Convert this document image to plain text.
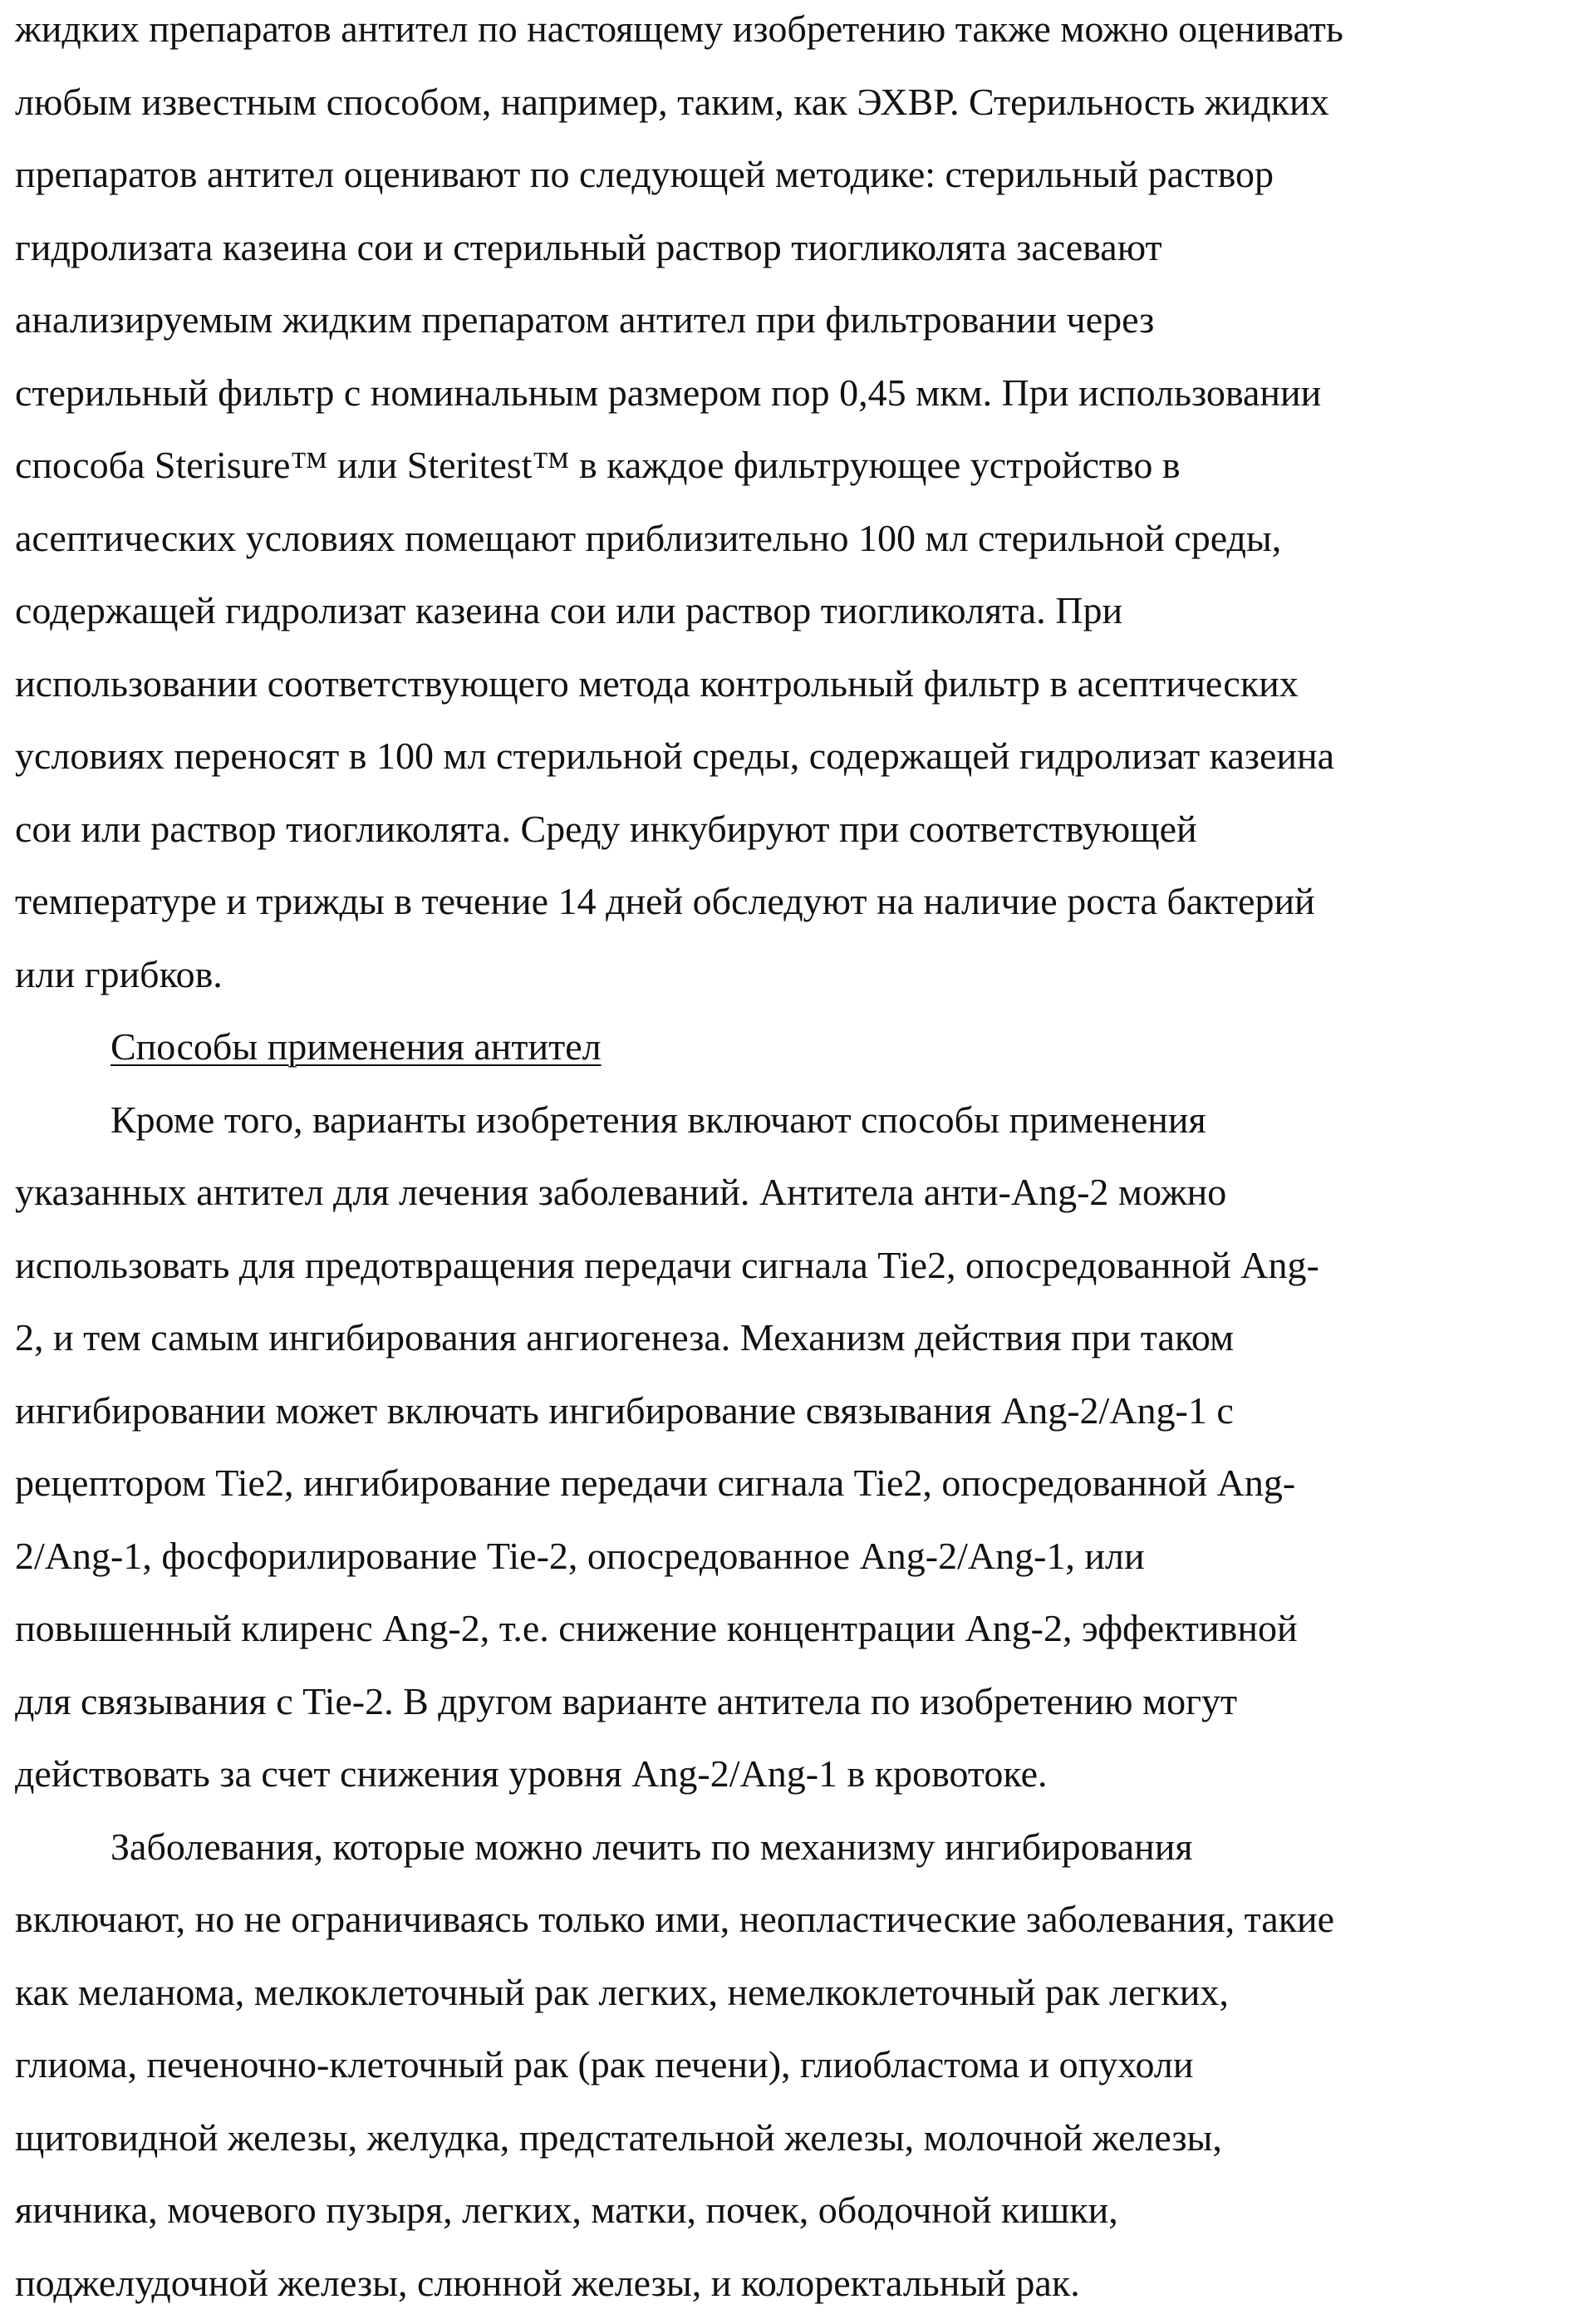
жидких препаратов антител по настоящему изобретению также можно оценивать
любым известным способом, например, таким, как ЭХВР. Стерильность жидких
препаратов антител оценивают по следующей методике: стерильный раствор
гидролизата казеина сои и стерильный раствор тиогликолята засевают
анализируемым жидким препаратом антител при фильтровании через
стерильный фильтр с номинальным размером пор 0,45 мкм. При использовании
способа Sterisure™ или Steritest™ в каждое фильтрующее устройство в
асептических условиях помещают приблизительно 100 мл стерильной среды,
содержащей гидролизат казеина сои или раствор тиогликолята. При
использовании соответствующего метода контрольный фильтр в асептических
условиях переносят в 100 мл стерильной среды, содержащей гидролизат казеина
сои или раствор тиогликолята. Среду инкубируют при соответствующей
температуре и трижды в течение 14 дней обследуют на наличие роста бактерий
или грибков.
Способы применения антител
Кроме того, варианты изобретения включают способы применения
указанных антител для лечения заболеваний. Антитела анти-Ang-2 можно
использовать для предотвращения передачи сигнала Tie2, опосредованной Ang-
2, и тем самым ингибирования ангиогенеза. Механизм действия при таком
ингибировании может включать ингибирование связывания Ang-2/Ang-1 с
рецептором Tie2, ингибирование передачи сигнала Tie2, опосредованной Ang-
2/Ang-1, фосфорилирование Tie-2, опосредованное Ang-2/Ang-1, или
повышенный клиренс Ang-2, т.е. снижение концентрации Ang-2, эффективной
для связывания с Tie-2. В другом варианте антитела по изобретению могут
действовать за счет снижения уровня Ang-2/Ang-1 в кровотоке.
Заболевания, которые можно лечить по механизму ингибирования
включают, но не ограничиваясь только ими, неопластические заболевания, такие
как меланома, мелкоклеточный рак легких, немелкоклеточный рак легких,
глиома, печеночно-клеточный рак (рак печени), глиобластома и опухоли
щитовидной железы, желудка, предстательной железы, молочной железы,
яичника, мочевого пузыря, легких, матки, почек, ободочной кишки,
поджелудочной железы, слюнной железы, и колоректальный рак.
